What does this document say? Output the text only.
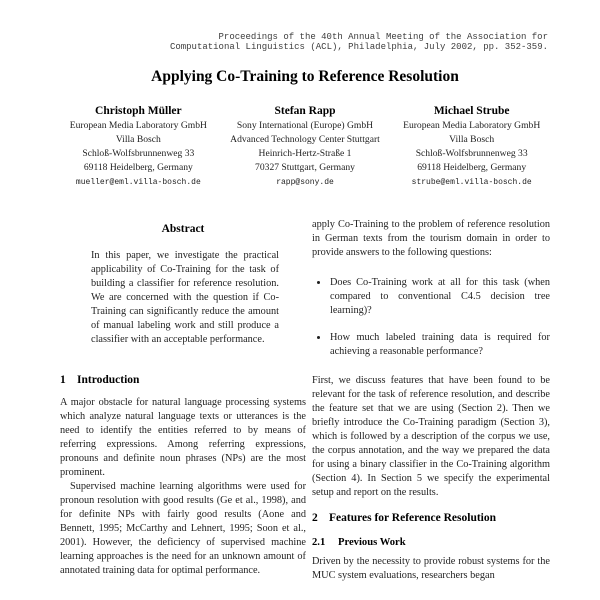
Proceedings of the 40th Annual Meeting of the Association for
Computational Linguistics (ACL), Philadelphia, July 2002, pp. 352-359.
Applying Co-Training to Reference Resolution
Christoph Müller
European Media Laboratory GmbH
Villa Bosch
Schloß-Wolfsbrunnenweg 33
69118 Heidelberg, Germany
mueller@eml.villa-bosch.de
Stefan Rapp
Sony International (Europe) GmbH
Advanced Technology Center Stuttgart
Heinrich-Hertz-Straße 1
70327 Stuttgart, Germany
rapp@sony.de
Michael Strube
European Media Laboratory GmbH
Villa Bosch
Schloß-Wolfsbrunnenweg 33
69118 Heidelberg, Germany
strube@eml.villa-bosch.de
Abstract

In this paper, we investigate the practical applicability of Co-Training for the task of building a classifier for reference resolution. We are concerned with the question if Co-Training can significantly reduce the amount of manual labeling work and still produce a classifier with an acceptable performance.

1 Introduction

A major obstacle for natural language processing systems which analyze natural language texts or utterances is the need to identify the entities referred to by means of referring expressions. Among referring expressions, pronouns and definite noun phrases (NPs) are the most prominent.

Supervised machine learning algorithms were used for pronoun resolution with good results (Ge et al., 1998), and for definite NPs with fairly good results (Aone and Bennett, 1995; McCarthy and Lehnert, 1995; Soon et al., 2001). However, the deficiency of supervised machine learning approaches is the need for an unknown amount of annotated training data for optimal performance.

apply Co-Training to the problem of reference resolution in German texts from the tourism domain in order to provide answers to the following questions:

• Does Co-Training work at all for this task (when compared to conventional C4.5 decision tree learning)?
• How much labeled training data is required for achieving a reasonable performance?

First, we discuss features that have been found to be relevant for the task of reference resolution, and describe the feature set that we are using (Section 2). Then we briefly introduce the Co-Training paradigm (Section 3), which is followed by a description of the corpus we use, the corpus annotation, and the way we prepared the data for using a binary classifier in the Co-Training algorithm (Section 4). In Section 5 we specify the experimental setup and report on the results.

2 Features for Reference Resolution
2.1 Previous Work

Driven by the necessity to provide robust systems for the MUC system evaluations, researchers began
